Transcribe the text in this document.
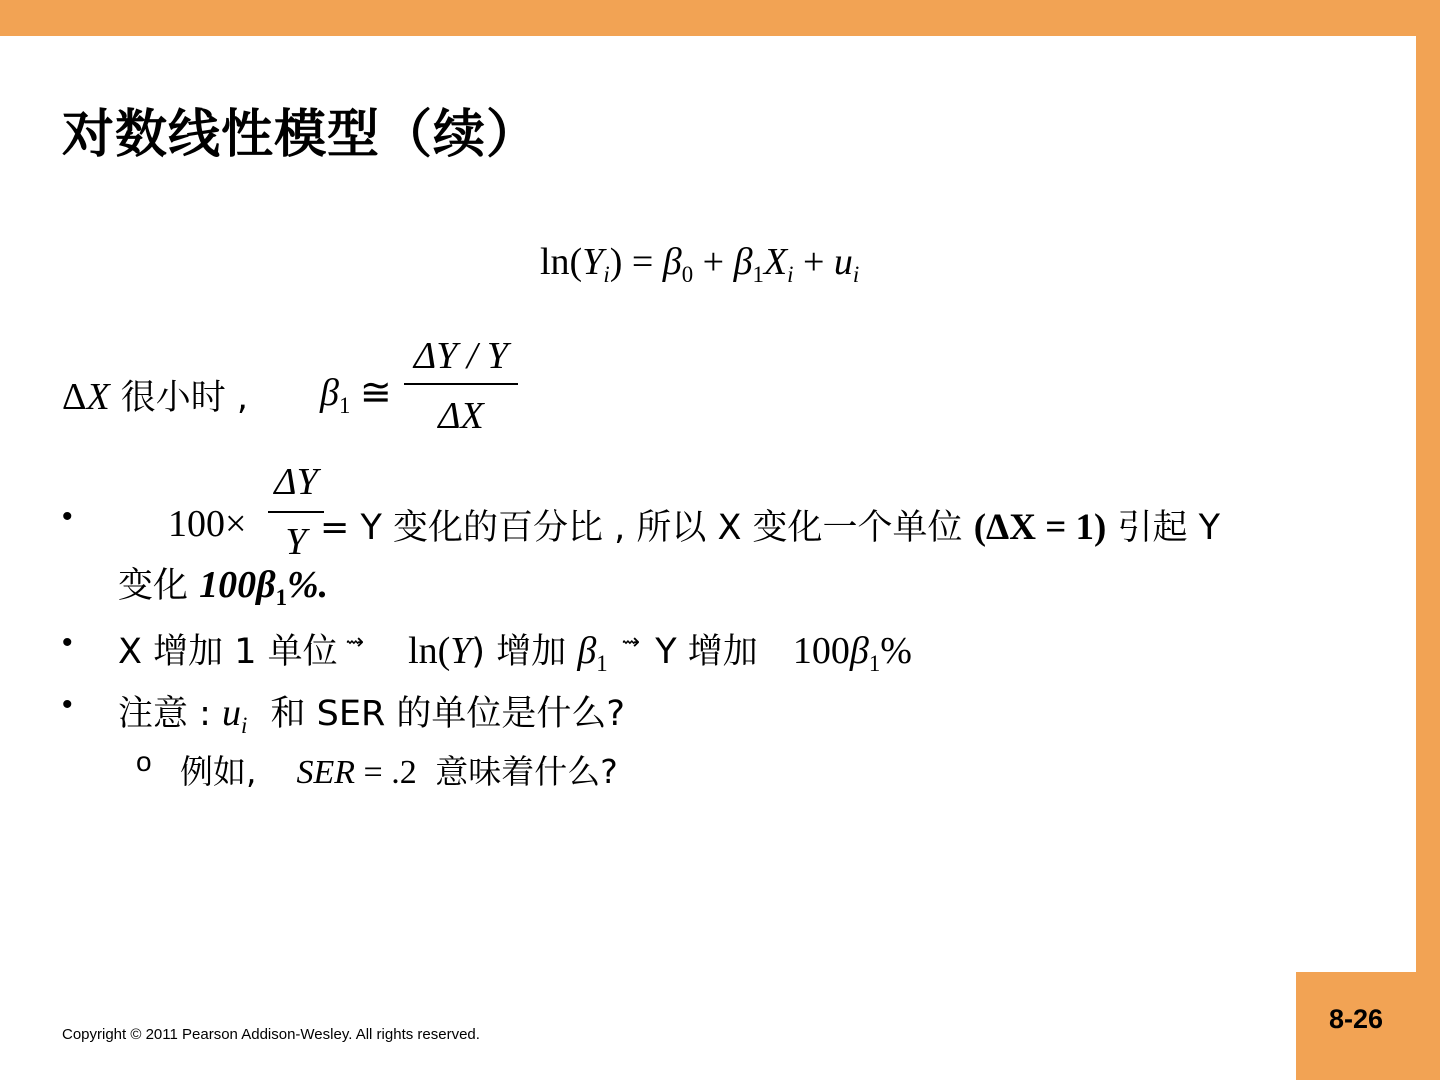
8-26
对数线性模型（续）
$\ln(Y_i) = \beta_0 + \beta_1X_i + u_i$
ΔX 很小时 , $\beta_1$ ≅
ΔY / Y
ΔX
•	100×
ΔY
Y = Y 变化的百分比 , 所以 X 变化一个单位 (ΔX = 1) 引起 Y
变化 $100\beta_1\%$.
• X 增加 1 单位 ⇝ ln(Y) 增加 $\beta_1^⇝$ Y 增加 $100\beta_1\%$
• 注意 : $u_i$ 和 SER 的单位是什么?
o 例如, SER = .2 意味着什么?
Copyright © 2011 Pearson Addison-Wesley. All rights reserved.
